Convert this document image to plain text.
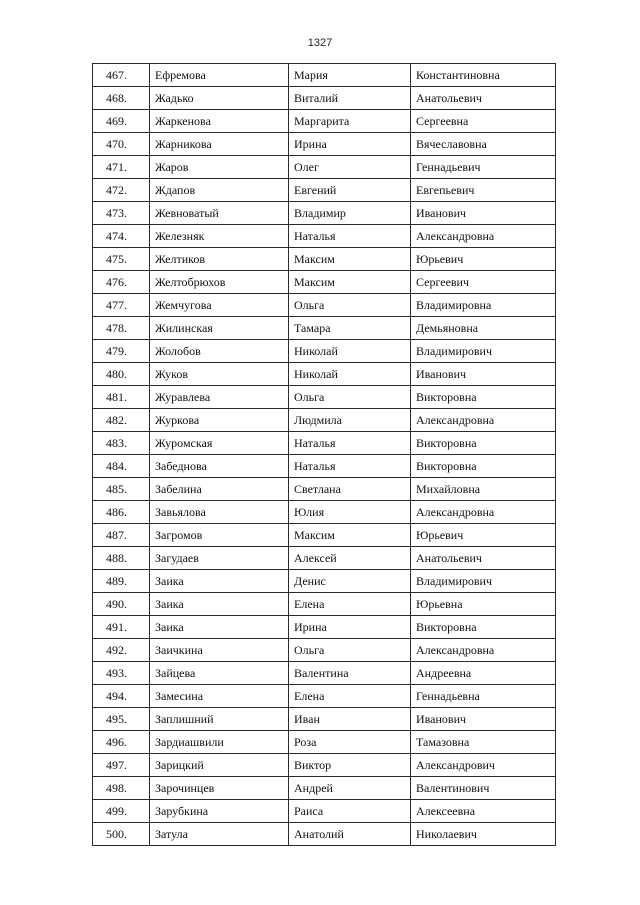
1327
467.	Ефремова	Мария	Константиновна
468.	Жадько	Виталий	Анатольевич
469.	Жаркенова	Маргарита	Сергеевна
470.	Жарникова	Ирина	Вячеславовна
471.	Жаров	Олег	Геннадьевич
472.	Ждапов	Евгений	Евгепьевич
473.	Жевноватый	Владимир	Иванович
474.	Железняк	Наталья	Александровна
475.	Желтиков	Максим	Юрьевич
476.	Желтобрюхов	Максим	Сергеевич
477.	Жемчугова	Ольга	Владимировна
478.	Жилинская	Тамара	Демьяновна
479.	Жолобов	Николай	Владимирович
480.	Жуков	Николай	Иванович
481.	Журавлева	Ольга	Викторовна
482.	Журкова	Людмила	Александровна
483.	Журомская	Наталья	Викторовна
484.	Забеднова	Наталья	Викторовна
485.	Забелина	Светлана	Михайловна
486.	Завьялова	Юлия	Александровна
487.	Загромов	Максим	Юрьевич
488.	Загудаев	Алексей	Анатольевич
489.	Заика	Денис	Владимирович
490.	Заика	Елена	Юрьевна
491.	Заика	Ирина	Викторовна
492.	Заичкина	Ольга	Александровна
493.	Зайцева	Валентина	Андреевна
494.	Замесина	Елена	Геннадьевна
495.	Заплишний	Иван	Иванович
496.	Зардиашвили	Роза	Тамазовна
497.	Зарицкий	Виктор	Александрович
498.	Зарочинцев	Андрей	Валентинович
499.	Зарубкина	Раиса	Алексеевна
500.	Затула	Анатолий	Николаевич
